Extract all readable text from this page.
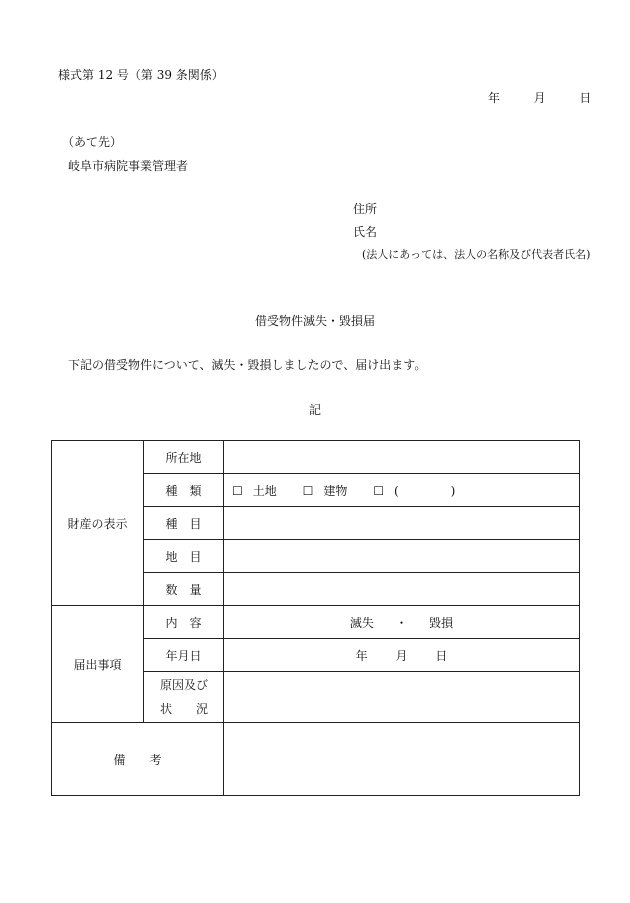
様式第 12 号（第 39 条関係）
年	月	日
（あて先）
岐阜市病院事業管理者
住所
氏名
(法人にあっては、法人の名称及び代表者氏名)
借受物件滅失・毀損届
下記の借受物件について、滅失・毀損しましたので、届け出ます。
記
財産の表示	所在地	
	種　類	☐ 土地 ☐ 建物 ☐ ( )
	種　目	
	地　目	
	数　量	
届出事項	内　容	滅失 ・ 毀損
	年月日	年 月 日

	原因及び
状　　況	

備　　考		
